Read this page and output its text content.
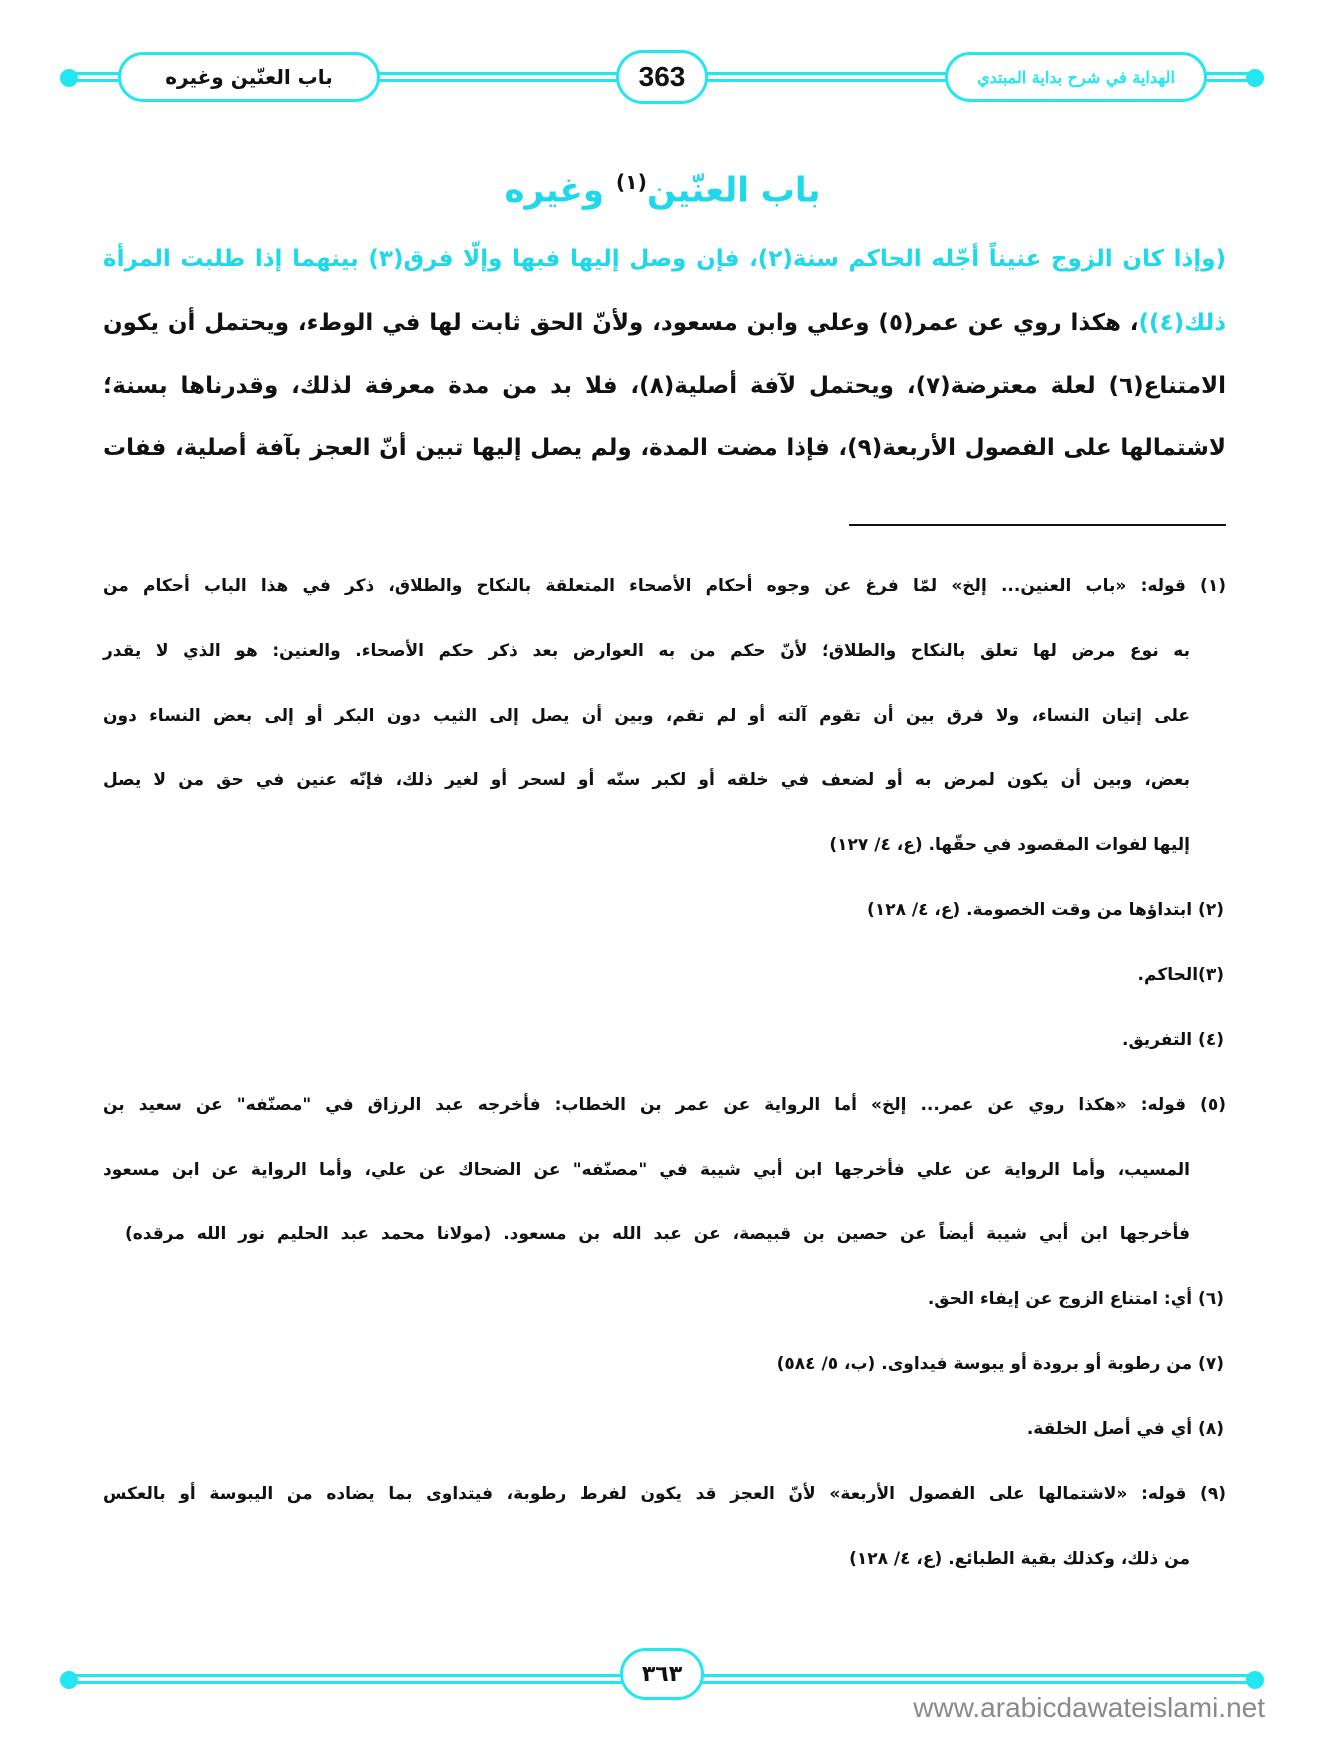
باب العنّين وغيره	363	الهداية في شرح بداية المبتدي
باب العنّين$^{(١)}$ وغيره
(وإذا كان الزوج عنيناً أجّله الحاكم سنة(٢)، فإن وصل إليها فبها وإلّا فرق(٣) بينهما إذا طلبت المرأة
ذلك(٤))، هكذا روي عن عمر(٥) وعلي وابن مسعود، ولأنّ الحق ثابت لها في الوطء، ويحتمل أن يكون
الامتناع(٦) لعلة معترضة(٧)، ويحتمل لآفة أصلية(٨)، فلا بد من مدة معرفة لذلك، وقدرناها بسنة؛
لاشتمالها على الفصول الأربعة(٩)، فإذا مضت المدة، ولم يصل إليها تبين أنّ العجز بآفة أصلية، ففات
(١) قوله: «باب العنين... إلخ» لمّا فرغ عن وجوه أحكام الأصحاء المتعلقة بالنكاح والطلاق، ذكر في هذا الباب أحكام من
به نوع مرض لها تعلق بالنكاح والطلاق؛ لأنّ حكم من به العوارض بعد ذكر حكم الأصحاء. والعنين: هو الذي لا يقدر
على إتيان النساء، ولا فرق بين أن تقوم آلته أو لم تقم، وبين أن يصل إلى الثيب دون البكر أو إلى بعض النساء دون
بعض، وبين أن يكون لمرض به أو لضعف في خلقه أو لكبر سنّه أو لسحر أو لغير ذلك، فإنّه عنين في حق من لا يصل
إليها لفوات المقصود في حقّها. (ع، ٤/ ١٢٧)
(٢) ابتداؤها من وقت الخصومة. (ع، ٤/ ١٢٨)
(٣)الحاكم.
(٤) التفريق.
(٥) قوله: «هكذا روي عن عمر... إلخ» أما الرواية عن عمر بن الخطاب: فأخرجه عبد الرزاق في "مصنّفه" عن سعيد بن
المسيب، وأما الرواية عن علي فأخرجها ابن أبي شيبة في "مصنّفه" عن الضحاك عن علي، وأما الرواية عن ابن مسعود
فأخرجها ابن أبي شيبة أيضاً عن حصين بن قبيصة، عن عبد الله بن مسعود. (مولانا محمد عبد الحليم نور الله مرقده)
(٦) أي: امتناع الزوج عن إيفاء الحق.
(٧) من رطوبة أو برودة أو يبوسة فيداوى. (ب، ٥/ ٥٨٤)
(٨) أي في أصل الخلقة.
(٩) قوله: «لاشتمالها على الفصول الأربعة» لأنّ العجز قد يكون لفرط رطوبة، فيتداوى بما يضاده من اليبوسة أو بالعكس
من ذلك، وكذلك بقية الطبائع. (ع، ٤/ ١٢٨)
٣٦٣
www.arabicdawateislami.net
